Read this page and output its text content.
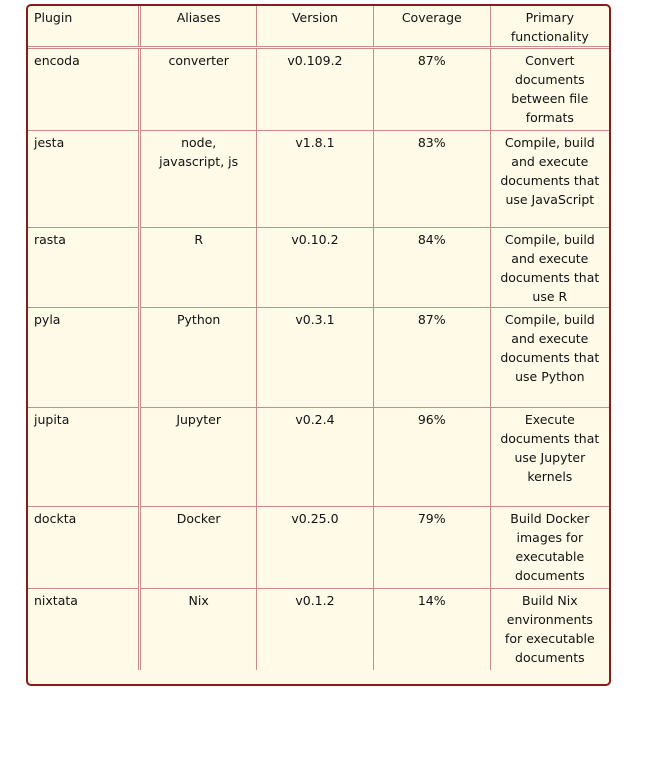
Plugin	Aliases	Version	Coverage	Primary functionality
encoda	converter	v0.109.2	87%	Convert documents between file formats
jesta	node, javascript, js	v1.8.1	83%	Compile, build and execute documents that use JavaScript
rasta	R	v0.10.2	84%	Compile, build and execute documents that use R
pyla	Python	v0.3.1	87%	Compile, build and execute documents that use Python
jupita	Jupyter	v0.2.4	96%	Execute documents that use Jupyter kernels
dockta	Docker	v0.25.0	79%	Build Docker images for executable documents
nixtata	Nix	v0.1.2	14%	Build Nix environments for executable documents
